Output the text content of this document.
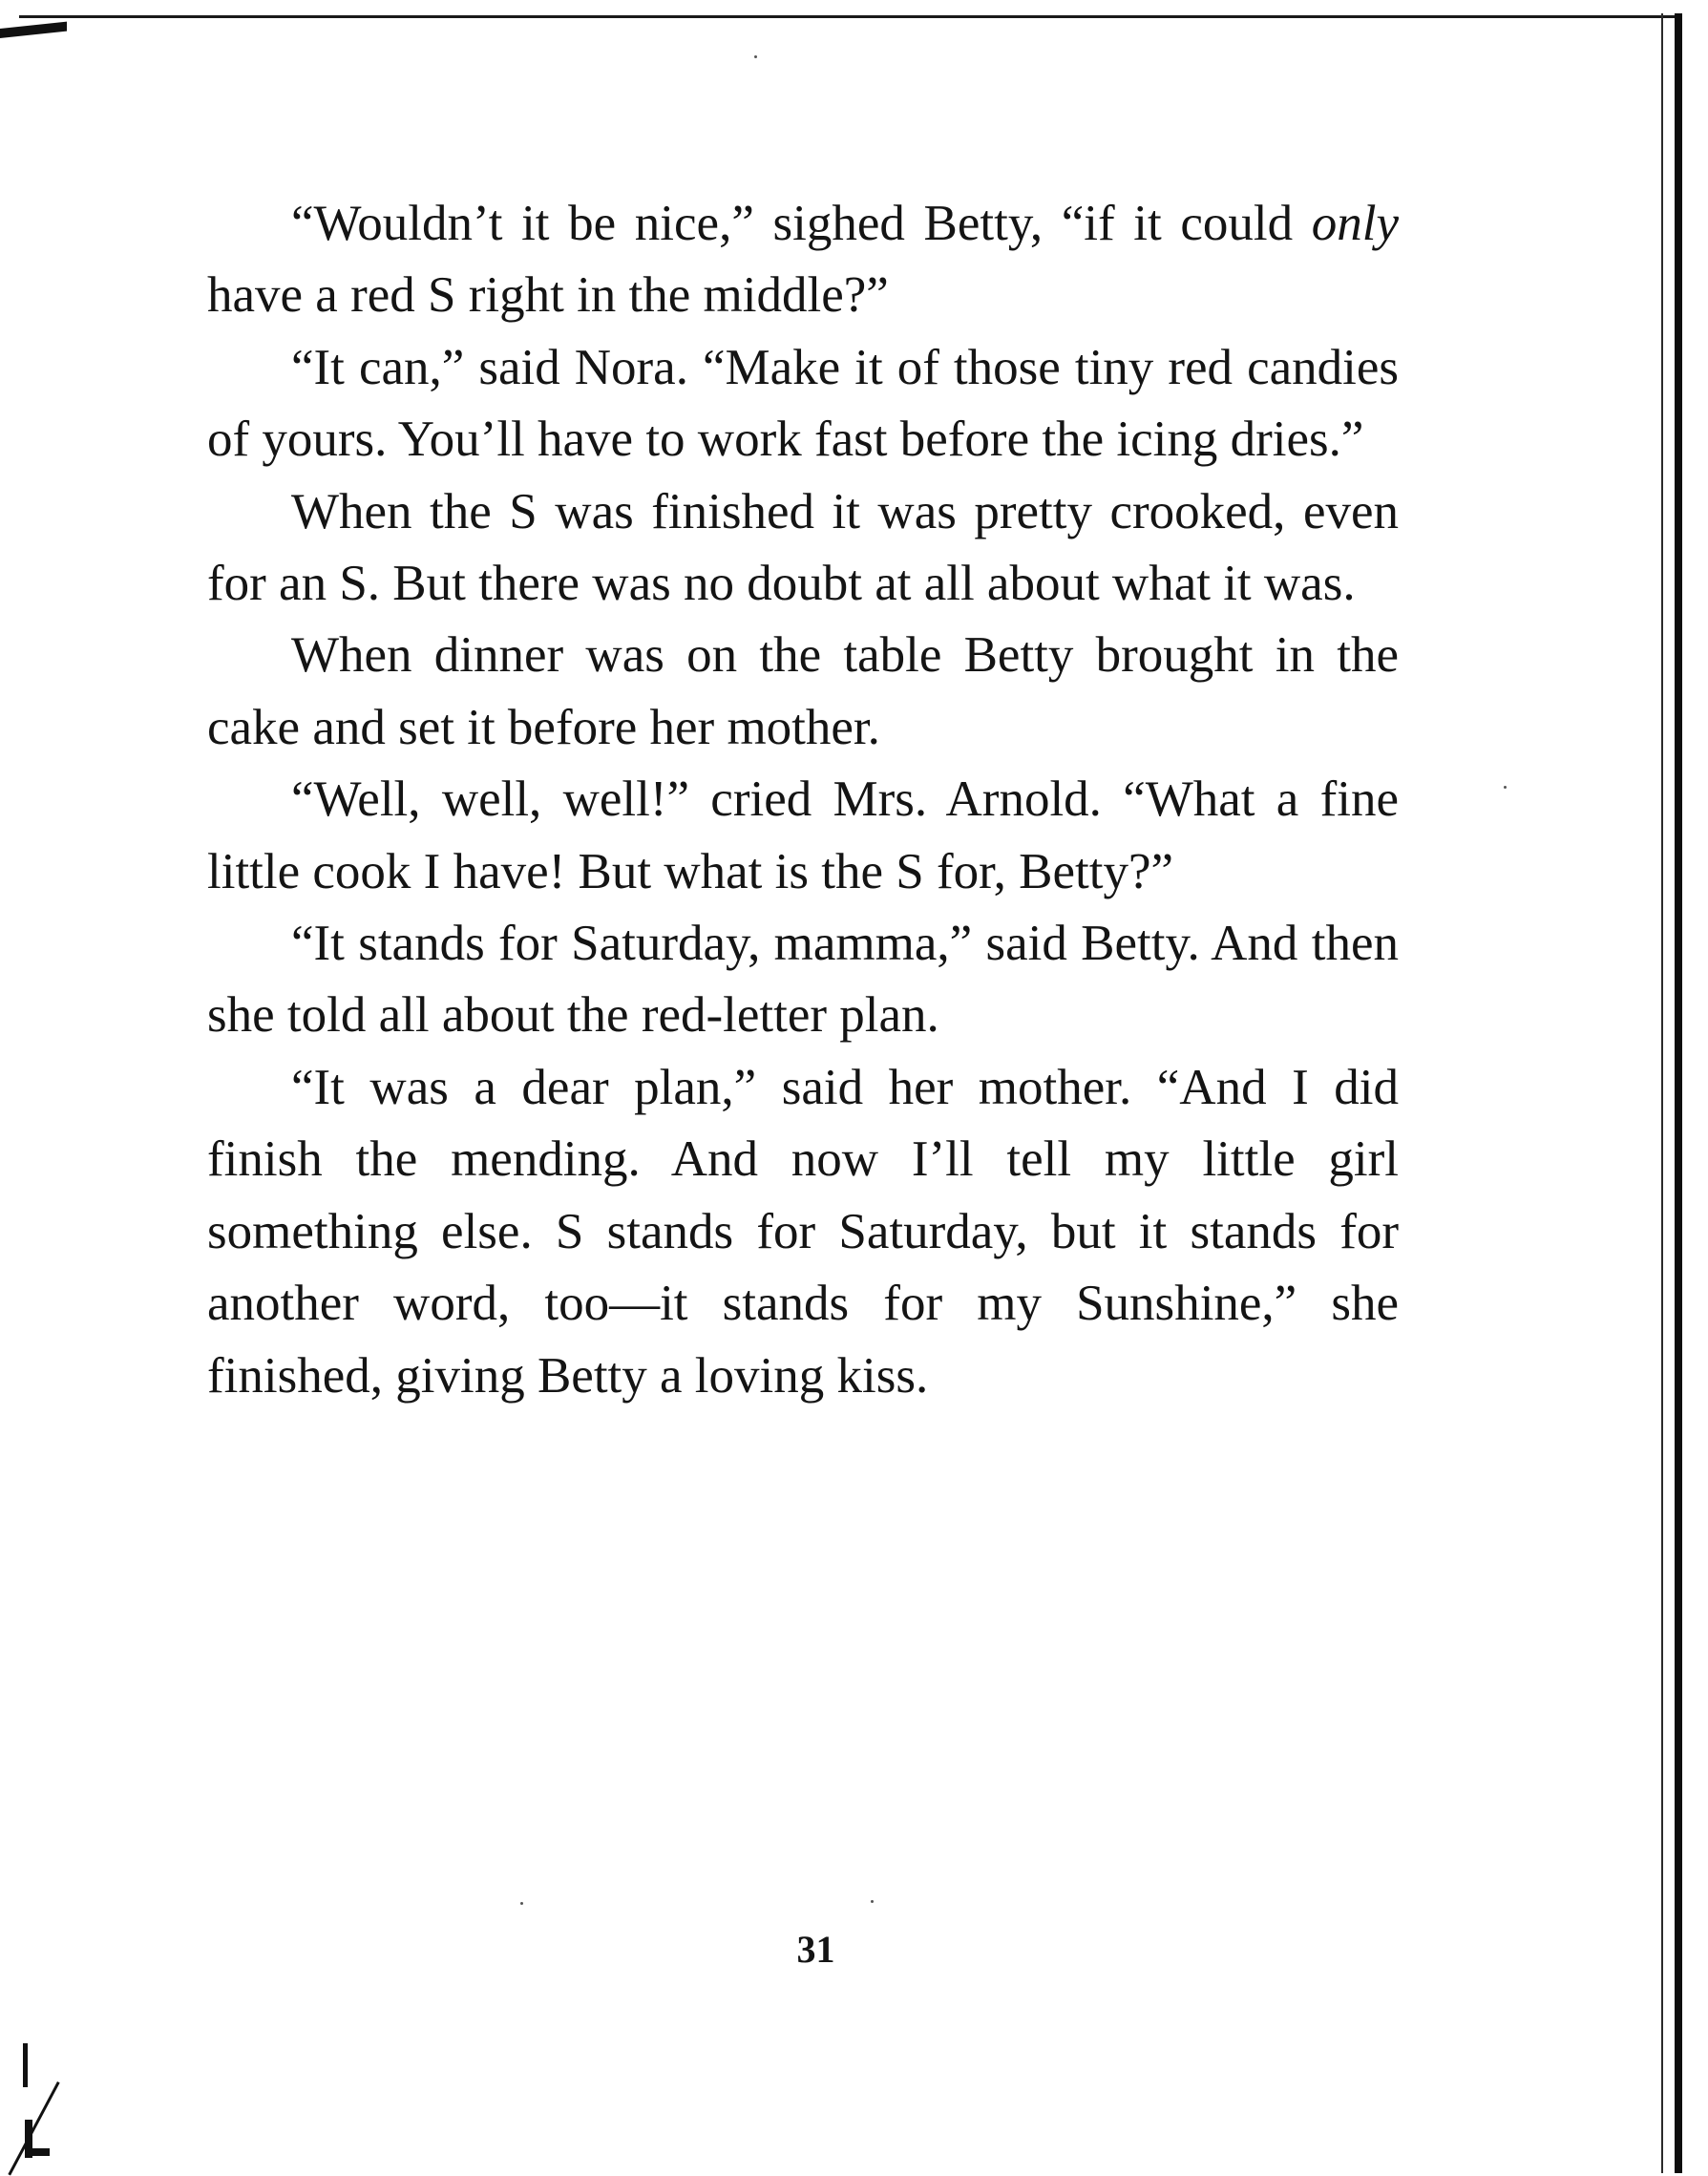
“Wouldn’t it be nice,” sighed Betty, “if it could only have a red S right in the middle?”

“It can,” said Nora. “Make it of those tiny red candies of yours. You’ll have to work fast before the icing dries.”

When the S was finished it was pretty crooked, even for an S. But there was no doubt at all about what it was.

When dinner was on the table Betty brought in the cake and set it before her mother.

“Well, well, well!” cried Mrs. Arnold. “What a fine little cook I have! But what is the S for, Betty?”

“It stands for Saturday, mamma,” said Betty. And then she told all about the red-letter plan.

“It was a dear plan,” said her mother. “And I did finish the mending. And now I’ll tell my little girl something else. S stands for Saturday, but it stands for another word, too—it stands for my Sunshine,” she finished, giving Betty a loving kiss.

31
